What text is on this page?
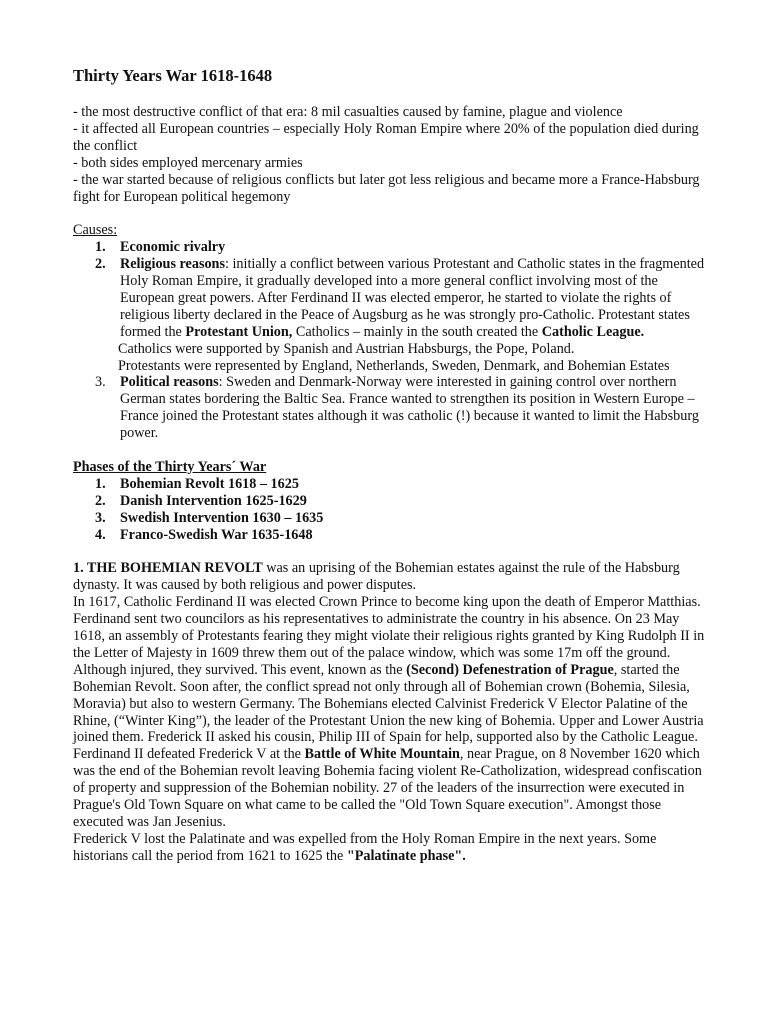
Thirty Years War 1618-1648

- the most destructive conflict of that era: 8 mil casualties caused by famine, plague and violence

- it affected all European countries – especially Holy Roman Empire where 20% of the population died during the conflict

- both sides employed mercenary armies

- the war started because of religious conflicts but later got less religious and became more a France-Habsburg fight for European political hegemony

Causes:
1. Economic rivalry
2. Religious reasons: initially a conflict between various Protestant and Catholic states in the fragmented Holy Roman Empire, it gradually developed into a more general conflict involving most of the European great powers. After Ferdinand II was elected emperor, he started to violate the rights of religious liberty declared in the Peace of Augsburg as he was strongly pro-Catholic. Protestant states formed the Protestant Union, Catholics – mainly in the south created the Catholic League.
Catholics were supported by Spanish and Austrian Habsburgs, the Pope, Poland.
Protestants were represented by England, Netherlands, Sweden, Denmark, and Bohemian Estates
3. Political reasons: Sweden and Denmark-Norway were interested in gaining control over northern German states bordering the Baltic Sea. France wanted to strengthen its position in Western Europe – France joined the Protestant states although it was catholic (!) because it wanted to limit the Habsburg power.
Phases of the Thirty Years´ War
1. Bohemian Revolt 1618 – 1625
2. Danish Intervention 1625-1629
3. Swedish Intervention 1630 – 1635
4. Franco-Swedish War 1635-1648

1. THE BOHEMIAN REVOLT was an uprising of the Bohemian estates against the rule of the Habsburg dynasty. It was caused by both religious and power disputes.

In 1617, Catholic Ferdinand II was elected Crown Prince to become king upon the death of Emperor Matthias. Ferdinand sent two councilors as his representatives to administrate the country in his absence. On 23 May 1618, an assembly of Protestants fearing they might violate their religious rights granted by King Rudolph II in the Letter of Majesty in 1609 threw them out of the palace window, which was some 17m off the ground. Although injured, they survived. This event, known as the (Second) Defenestration of Prague, started the Bohemian Revolt. Soon after, the conflict spread not only through all of Bohemian crown (Bohemia, Silesia, Moravia) but also to western Germany. The Bohemians elected Calvinist Frederick V Elector Palatine of the Rhine, (“Winter King”), the leader of the Protestant Union the new king of Bohemia. Upper and Lower Austria joined them. Frederick II asked his cousin, Philip III of Spain for help, supported also by the Catholic League.

Ferdinand II defeated Frederick V at the Battle of White Mountain, near Prague, on 8 November 1620 which was the end of the Bohemian revolt leaving Bohemia facing violent Re-Catholization, widespread confiscation of property and suppression of the Bohemian nobility. 27 of the leaders of the insurrection were executed in Prague's Old Town Square on what came to be called the "Old Town Square execution". Amongst those executed was Jan Jesenius.

Frederick V lost the Palatinate and was expelled from the Holy Roman Empire in the next years. Some historians call the period from 1621 to 1625 the "Palatinate phase".
